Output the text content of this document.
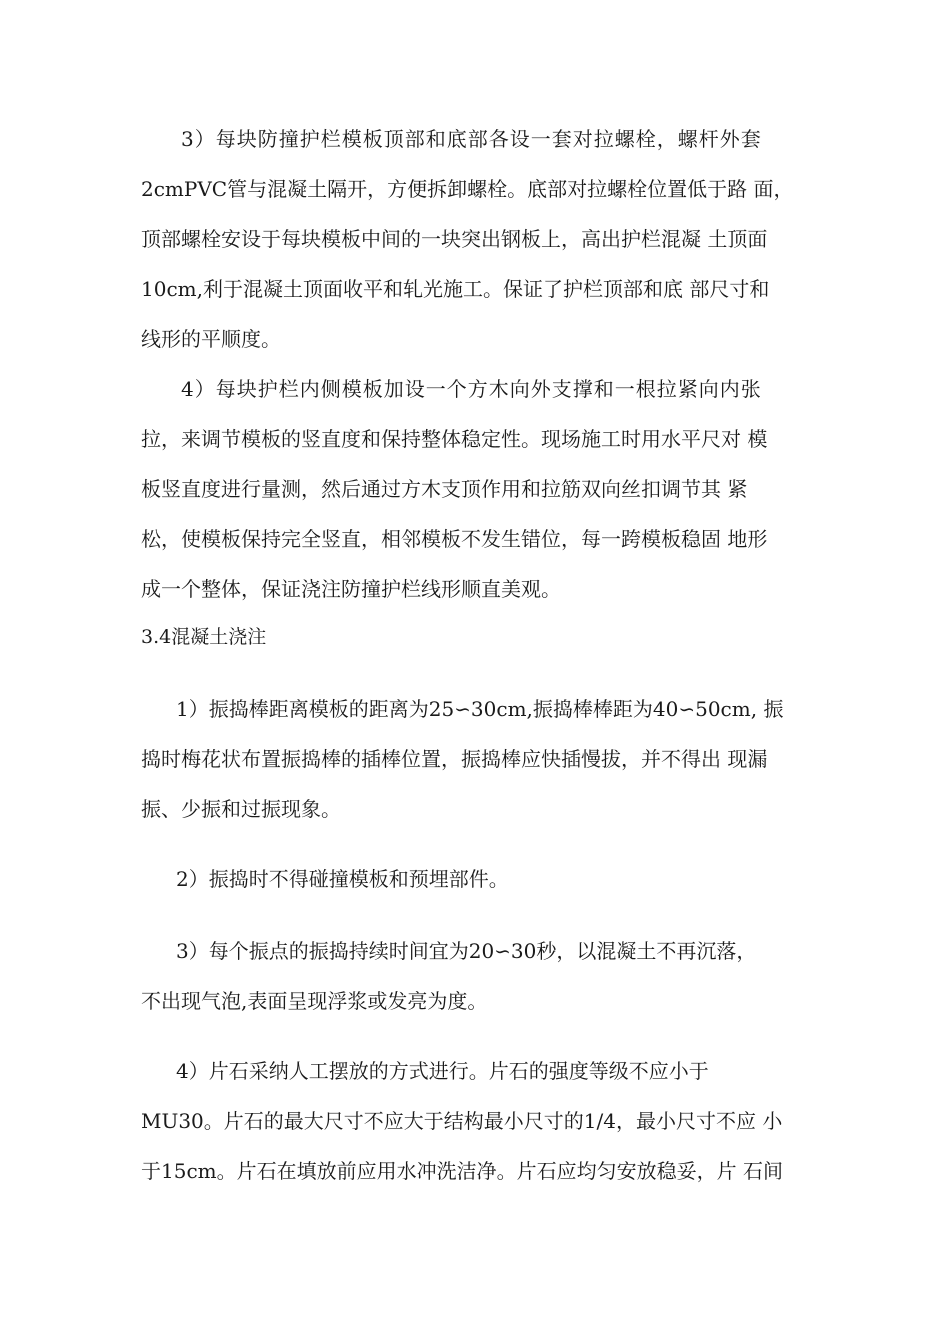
3）每块防撞护栏模板顶部和底部各设一套对拉螺栓，螺杆外套
2cmPVC管与混凝土隔开，方便拆卸螺栓。底部对拉螺栓位置低于路 面，
顶部螺栓安设于每块模板中间的一块突出钢板上，高出护栏混凝 土顶面
10cm,利于混凝土顶面收平和轧光施工。保证了护栏顶部和底 部尺寸和
线形的平顺度。
4）每块护栏内侧模板加设一个方木向外支撑和一根拉紧向内张
拉，来调节模板的竖直度和保持整体稳定性。现场施工时用水平尺对 模
板竖直度进行量测，然后通过方木支顶作用和拉筋双向丝扣调节其 紧
松，使模板保持完全竖直，相邻模板不发生错位，每一跨模板稳固 地形
成一个整体，保证浇注防撞护栏线形顺直美观。
3.4混凝土浇注
1）振捣棒距离模板的距离为25∽30cm,振捣棒棒距为40∽50cm, 振
捣时梅花状布置振捣棒的插棒位置，振捣棒应快插慢拔，并不得出 现漏
振、少振和过振现象。
2）振捣时不得碰撞模板和预埋部件。
3）每个振点的振捣持续时间宜为20∽30秒，以混凝土不再沉落，
不出现气泡,表面呈现浮浆或发亮为度。
4）片石采纳人工摆放的方式进行。片石的强度等级不应小于
MU30。片石的最大尺寸不应大于结构最小尺寸的1/4，最小尺寸不应 小
于15cm。片石在填放前应用水冲洗洁净。片石应均匀安放稳妥，片 石间
